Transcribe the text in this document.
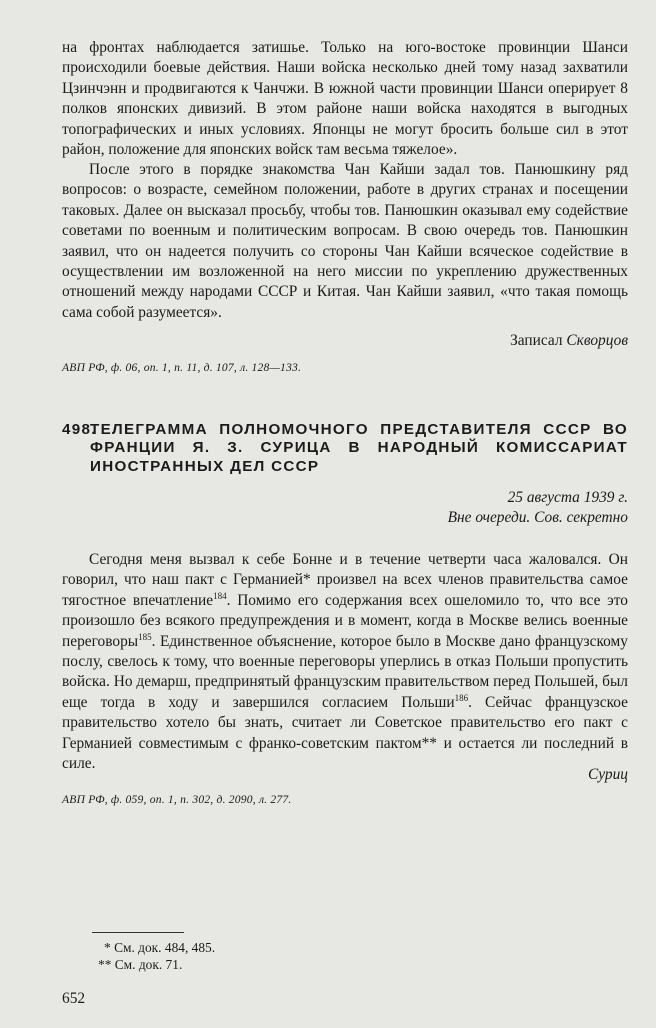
на фронтах наблюдается затишье. Только на юго-востоке провинции Шанси происходили боевые действия. Наши войска несколько дней тому назад захватили Цзинчэнн и продвигаются к Чанчжи. В южной части провинции Шанси оперирует 8 полков японских дивизий. В этом районе наши войска находятся в выгодных топографических и иных условиях. Японцы не могут бросить больше сил в этот район, положение для японских войск там весьма тяжелое».

После этого в порядке знакомства Чан Кайши задал тов. Панюшкину ряд вопросов: о возрасте, семейном положении, работе в других странах и посещении таковых. Далее он высказал просьбу, чтобы тов. Панюшкин оказывал ему содействие советами по военным и политическим вопросам. В свою очередь тов. Панюшкин заявил, что он надеется получить со стороны Чан Кайши всяческое содействие в осуществлении им возложенной на него миссии по укреплению дружественных отношений между народами СССР и Китая. Чан Кайши заявил, «что такая помощь сама собой разумеется».

Записал Скворцов
АВП РФ, ф. 06, оп. 1, п. 11, д. 107, л. 128—133.
498.
ТЕЛЕГРАММА ПОЛНОМОЧНОГО ПРЕДСТАВИТЕЛЯ СССР ВО ФРАНЦИИ Я. З. СУРИЦА В НАРОДНЫЙ КОМИССАРИАТ ИНОСТРАННЫХ ДЕЛ СССР
25 августа 1939 г.
Вне очереди. Сов. секретно

Сегодня меня вызвал к себе Бонне и в течение четверти часа жаловался. Он говорил, что наш пакт с Германией* произвел на всех членов правительства самое тягостное впечатление$^{184}$. Помимо его содержания всех ошеломило то, что все это произошло без всякого предупреждения и в момент, когда в Москве велись военные переговоры$^{185}$. Единственное объяснение, которое было в Москве дано французскому послу, свелось к тому, что военные переговоры уперлись в отказ Польши пропустить войска. Но демарш, предпринятый французским правительством перед Польшей, был еще тогда в ходу и завершился согласием Польши$^{186}$. Сейчас французское правительство хотело бы знать, считает ли Советское правительство его пакт с Германией совместимым с франко-советским пактом** и остается ли последний в силе.

Суриц
АВП РФ, ф. 059, оп. 1, п. 302, д. 2090, л. 277.
* См. док. 484, 485.
** См. док. 71.
652
